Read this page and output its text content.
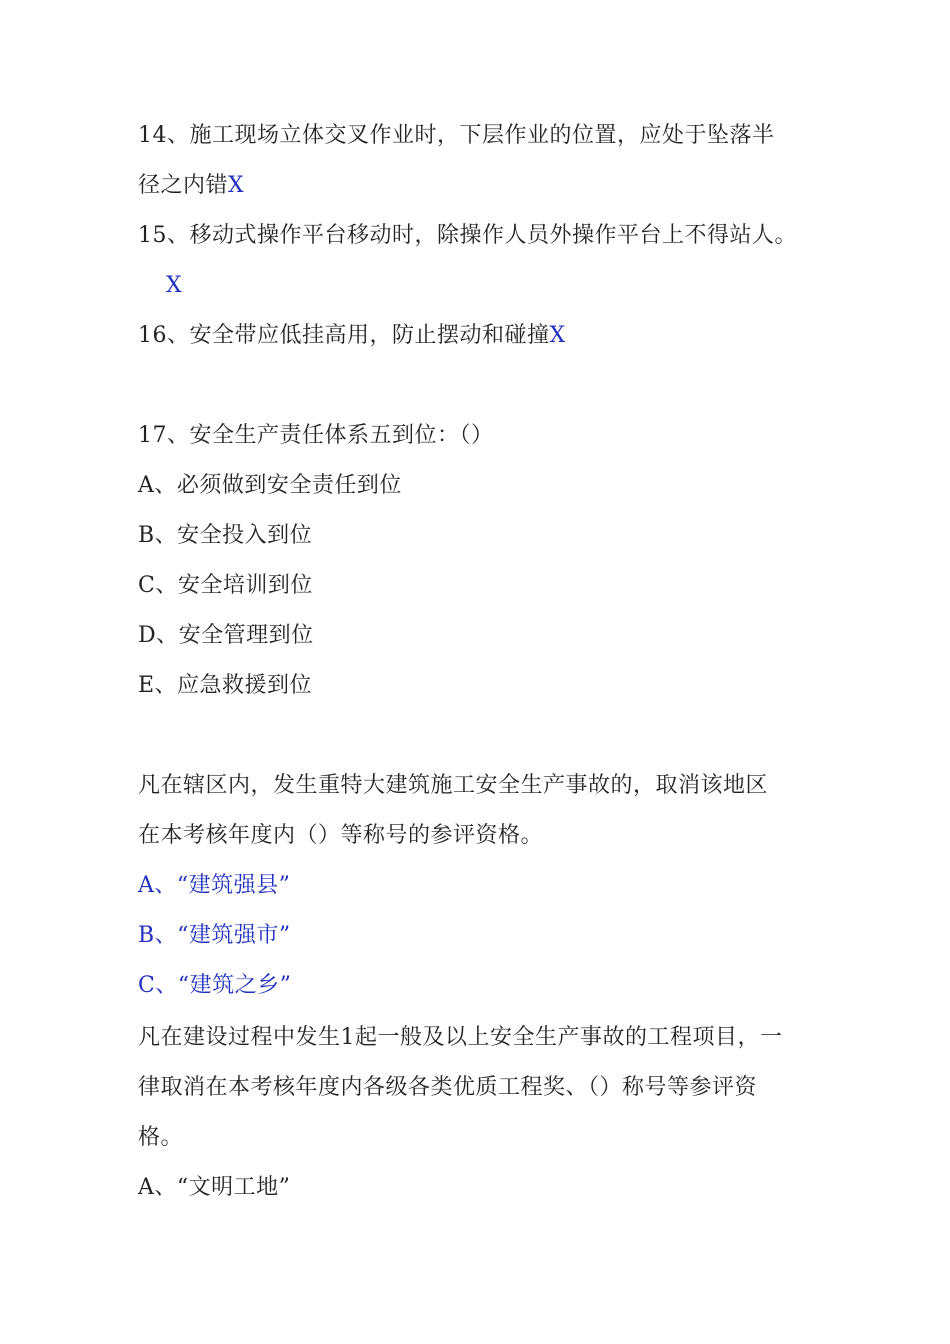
14、施工现场立体交叉作业时，下层作业的位置，应处于坠落半
径之内错X
15、移动式操作平台移动时，除操作人员外操作平台上不得站人。
X
16、安全带应低挂高用，防止摆动和碰撞X
17、安全生产责任体系五到位：（）
A、必须做到安全责任到位
B、安全投入到位
C、安全培训到位
D、安全管理到位
E、应急救援到位
凡在辖区内，发生重特大建筑施工安全生产事故的，取消该地区
在本考核年度内（）等称号的参评资格。
A、“建筑强县”
B、“建筑强市”
C、“建筑之乡”
凡在建设过程中发生1起一般及以上安全生产事故的工程项目，一
律取消在本考核年度内各级各类优质工程奖、（）称号等参评资
格。
A、“文明工地”
